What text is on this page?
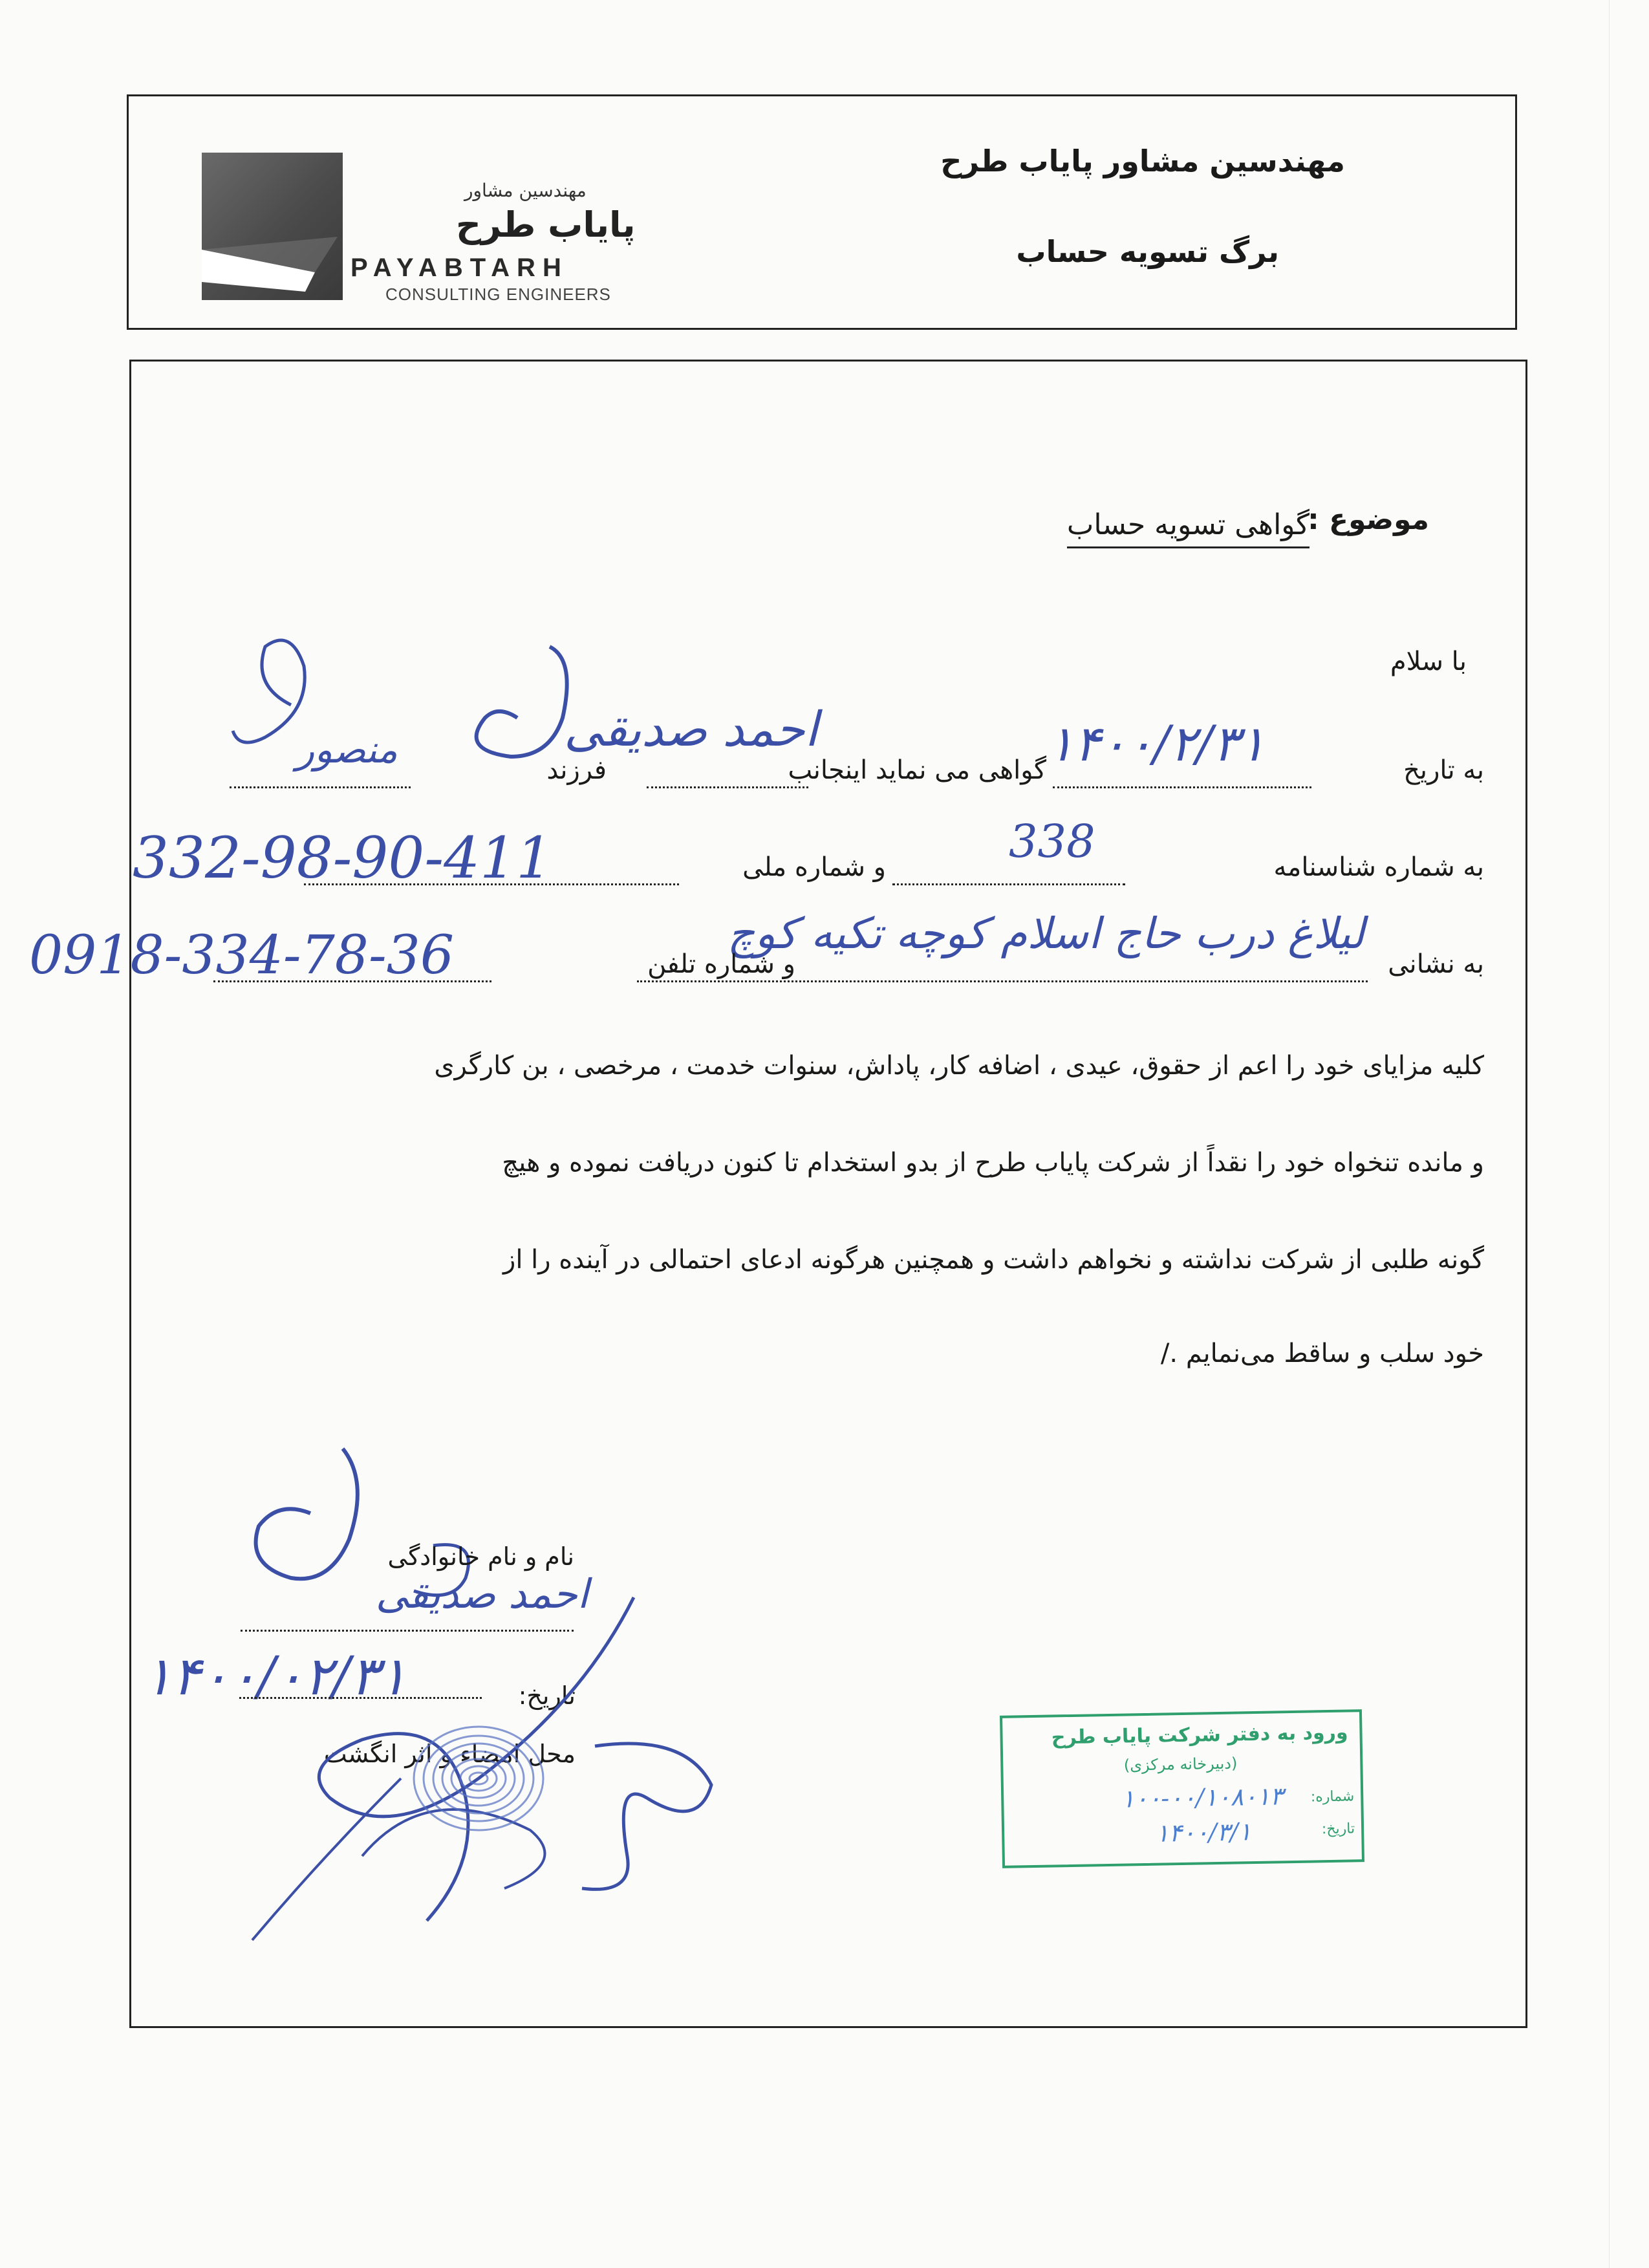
مهندسین مشاور
پایاب طرح
PAYABTARH
CONSULTING ENGINEERS
مهندسین مشاور پایاب طرح
برگ تسویه حساب
موضوع :
گواهی تسویه حساب
با سلام
به تاریخ
۱۴۰۰/۲/۳۱
گواهی می نماید اینجانب
احمد صدیقی
فرزند
منصور
به شماره شناسنامه
338
و شماره ملی
332-98-90-411
به نشانی
لیلاغ درب حاج اسلام کوچه تکیه کوچ
و شماره تلفن
0918-334-78-36
کلیه مزایای خود را اعم از حقوق، عیدی ، اضافه کار، پاداش، سنوات خدمت ، مرخصی ، بن کارگری
و مانده تنخواه خود را نقداً از شرکت پایاب طرح از بدو استخدام تا کنون دریافت نموده و هیچ
گونه طلبی از شرکت نداشته و نخواهم داشت و همچنین هرگونه ادعای احتمالی در آینده را از
خود سلب و ساقط می‌نمایم ./
نام و نام خانوادگی
احمد صدیقی
تاریخ:
۱۴۰۰/۰۲/۳۱
محل امضاء و اثر انگشت
ورود به دفتر شرکت پایاب طرح
(دبیرخانه مرکزی)
شماره:
۱۰۰-۰۰/۱۰۸۰۱۳
تاریخ:
۱۴۰۰/۳/۱
